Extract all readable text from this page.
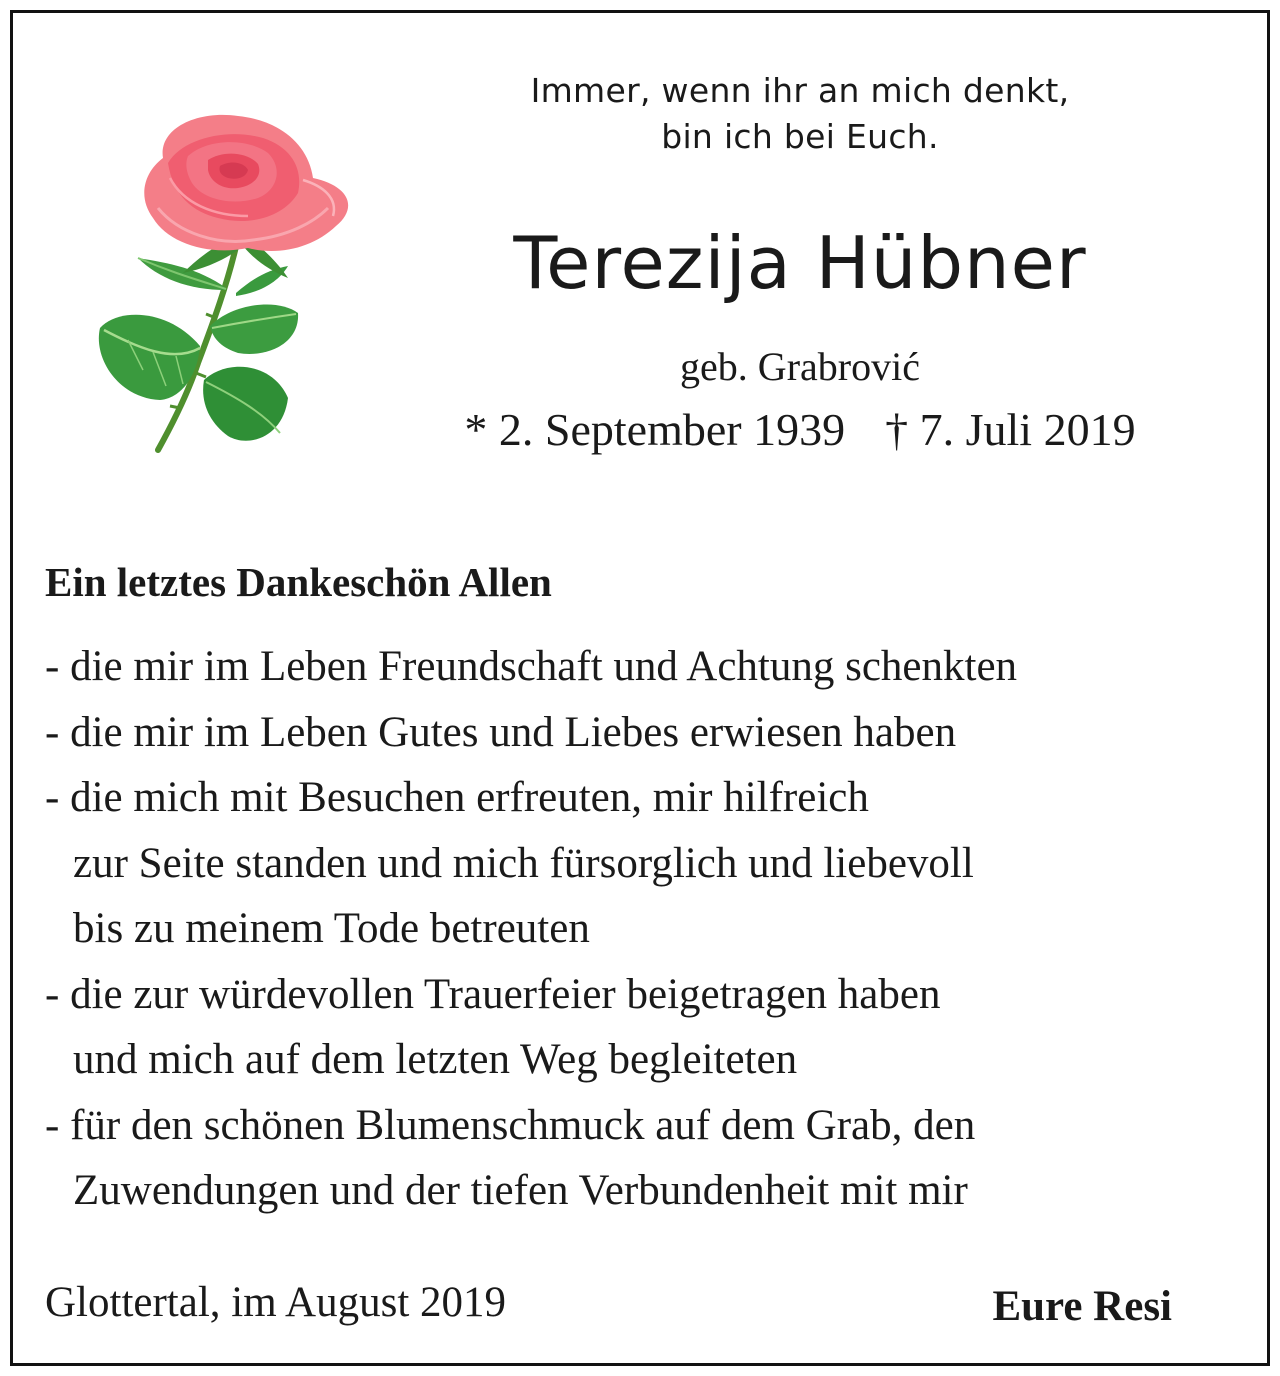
Immer, wenn ihr an mich denkt,
bin ich bei Euch.
Terezija Hübner
geb. Grabrović
* 2. September 1939 † 7. Juli 2019
Ein letztes Dankeschön Allen
- die mir im Leben Freundschaft und Achtung schenkten
- die mir im Leben Gutes und Liebes erwiesen haben
- die mich mit Besuchen erfreuten, mir hilfreich
zur Seite standen und mich fürsorglich und liebevoll
bis zu meinem Tode betreuten
- die zur würdevollen Trauerfeier beigetragen haben
und mich auf dem letzten Weg begleiteten
- für den schönen Blumenschmuck auf dem Grab, den
Zuwendungen und der tiefen Verbundenheit mit mir
Glottertal, im August 2019	Eure Resi
